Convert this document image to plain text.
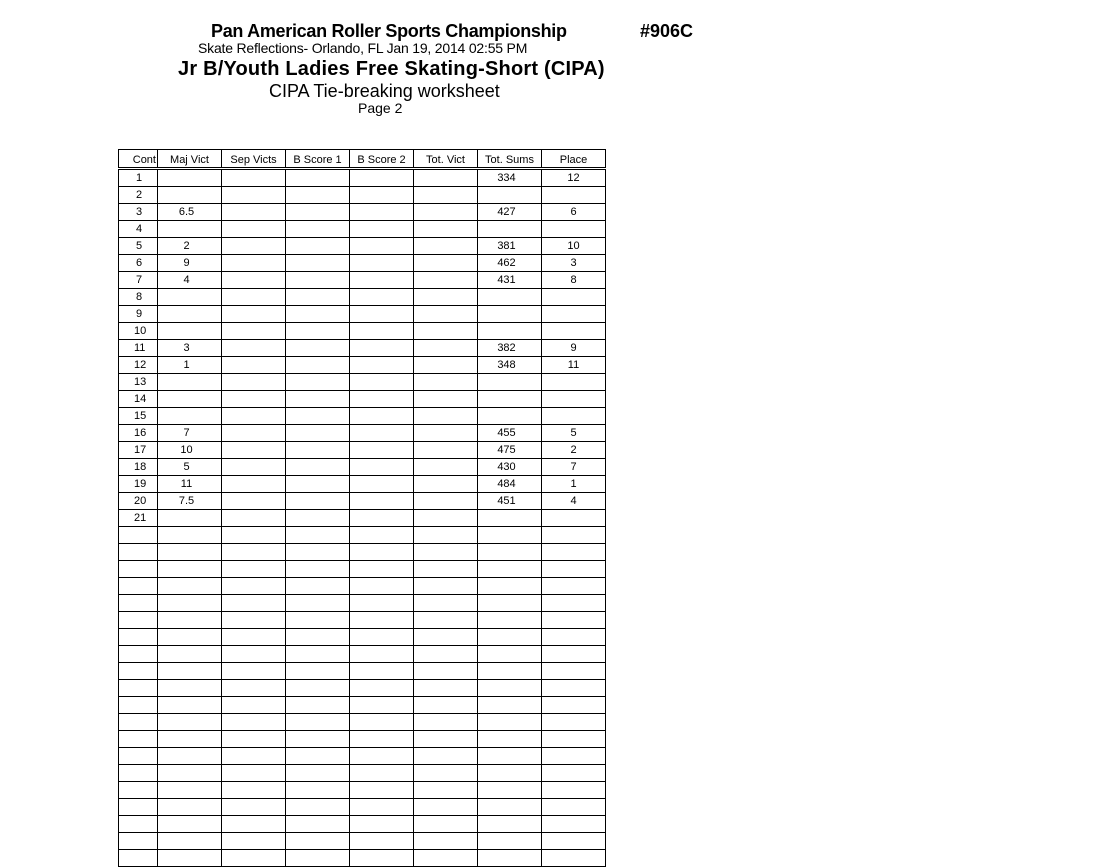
Pan American Roller Sports Championship	#906C
Skate Reflections- Orlando, FL Jan 19, 2014 02:55 PM
Jr B/Youth Ladies Free Skating-Short (CIPA)
CIPA Tie-breaking worksheet
Page 2
Cont	Maj Vict	Sep Victs	B Score 1	B Score 2	Tot. Vict	Tot. Sums	Place
1						334	12
2							
3	6.5					427	6
4							
5	2					381	10
6	9					462	3
7	4					431	8
8							
9							
10							
11	3					382	9
12	1					348	11
13							
14							
15							
16	7					455	5
17	10					475	2
18	5					430	7
19	11					484	1
20	7.5					451	4
21							
